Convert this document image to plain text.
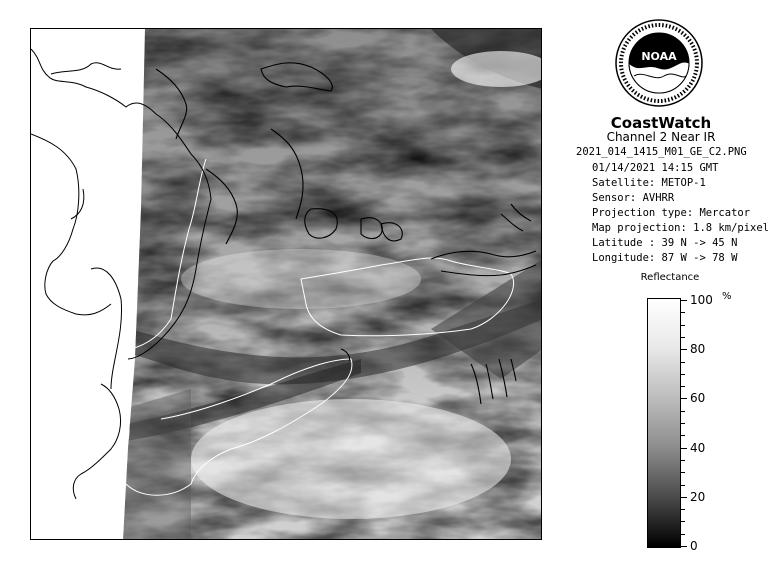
NOAA
CoastWatch
Channel 2 Near IR
2021_014_1415_M01_GE_C2.PNG
01/14/2021 14:15 GMT
Satellite: METOP-1
Sensor: AVHRR
Projection type: Mercator
Map projection: 1.8 km/pixel
Latitude : 39 N -> 45 N
Longitude: 87 W -> 78 W
Reflectance
%
100
80
60
40
20
0
